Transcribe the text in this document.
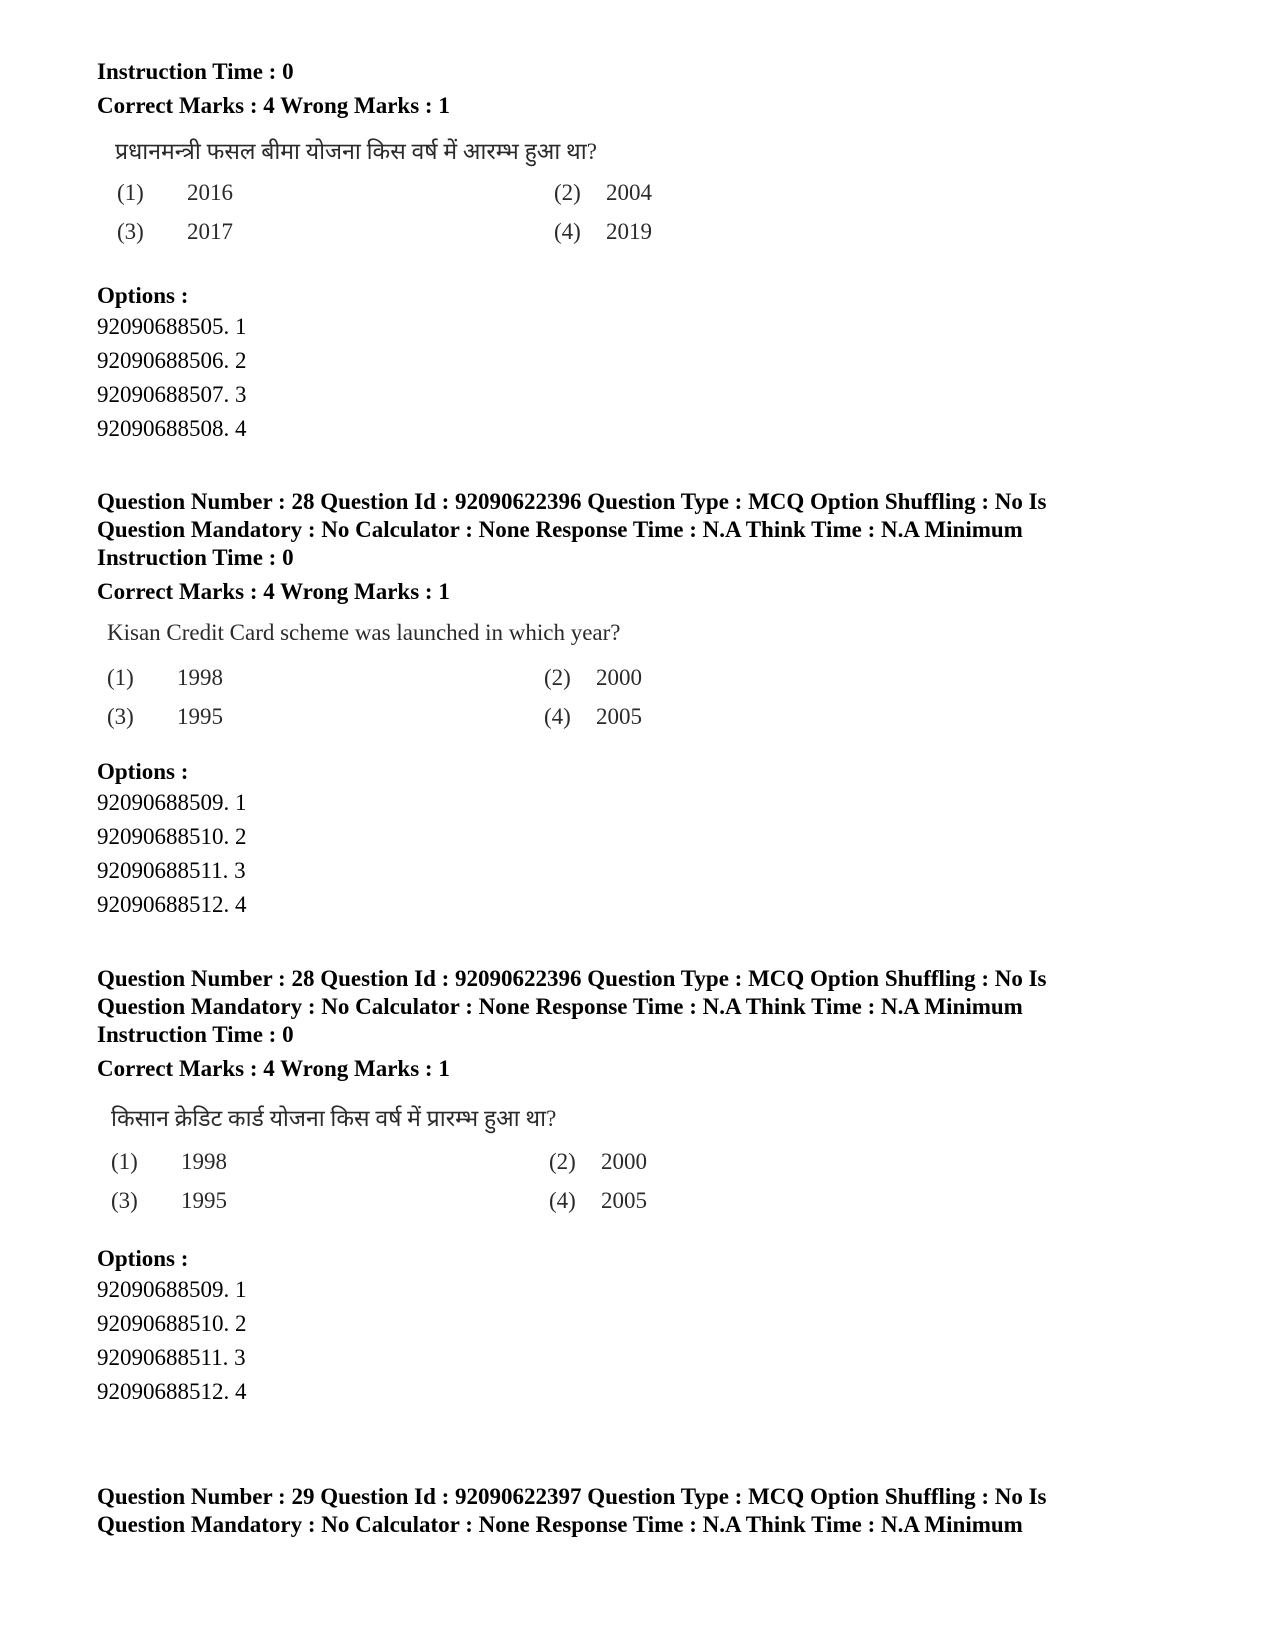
Instruction Time : 0
Correct Marks : 4 Wrong Marks : 1
प्रधानमन्त्री फसल बीमा योजना किस वर्ष में आरम्भ हुआ था?
(1) 2016	(2) 2004
(3) 2017	(4) 2019
Options :
92090688505. 1
92090688506. 2
92090688507. 3
92090688508. 4
Question Number : 28 Question Id : 92090622396 Question Type : MCQ Option Shuffling : No Is
Question Mandatory : No Calculator : None Response Time : N.A Think Time : N.A Minimum
Instruction Time : 0
Correct Marks : 4 Wrong Marks : 1
Kisan Credit Card scheme was launched in which year?
(1) 1998	(2) 2000
(3) 1995	(4) 2005
Options :
92090688509. 1
92090688510. 2
92090688511. 3
92090688512. 4
Question Number : 28 Question Id : 92090622396 Question Type : MCQ Option Shuffling : No Is
Question Mandatory : No Calculator : None Response Time : N.A Think Time : N.A Minimum
Instruction Time : 0
Correct Marks : 4 Wrong Marks : 1
किसान क्रेडिट कार्ड योजना किस वर्ष में प्रारम्भ हुआ था?
(1) 1998	(2) 2000
(3) 1995	(4) 2005
Options :
92090688509. 1
92090688510. 2
92090688511. 3
92090688512. 4
Question Number : 29 Question Id : 92090622397 Question Type : MCQ Option Shuffling : No Is
Question Mandatory : No Calculator : None Response Time : N.A Think Time : N.A Minimum
